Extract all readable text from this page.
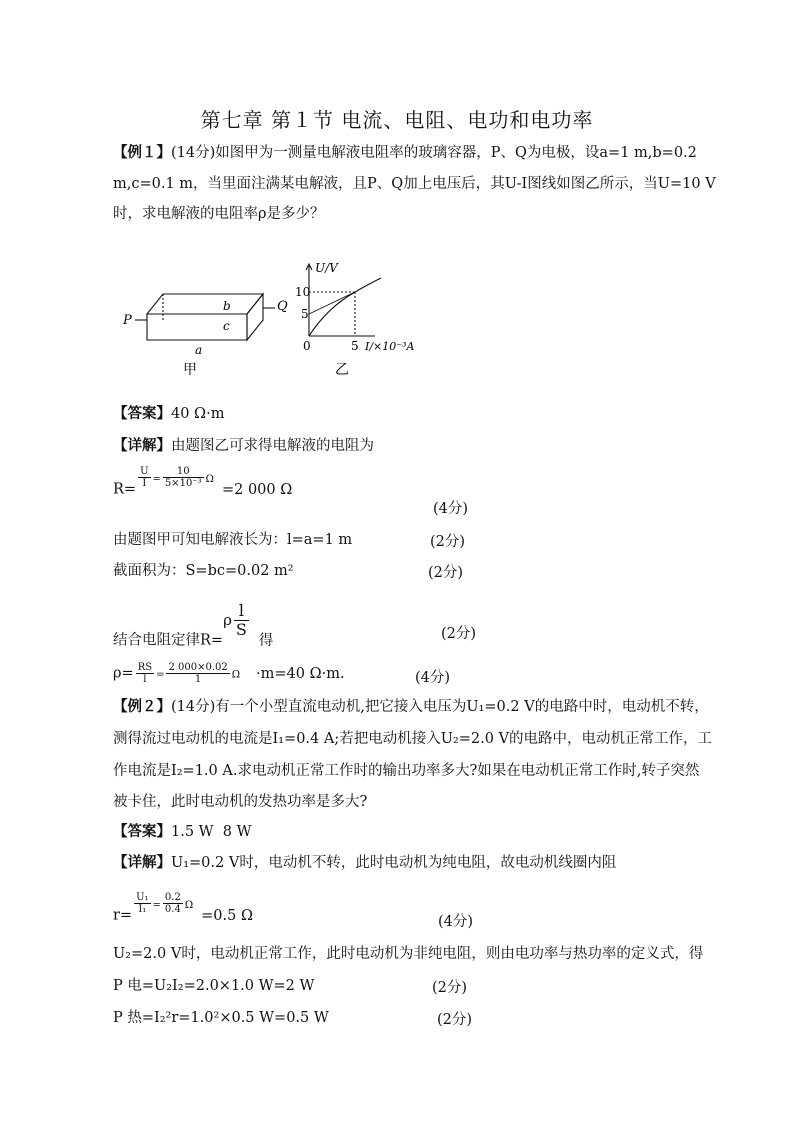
第七章 第１节 电流、电阻、电功和电功率
【例１】(14分)如图甲为一测量电解液电阻率的玻璃容器，P、Q为电极，设a=1 m,b=0.2
m,c=0.1 m，当里面注满某电解液，且P、Q加上电压后，其U-I图线如图乙所示，当U=10 V
时，求电解液的电阻率ρ是多少？
P
Q
b
c
a
甲
U/V
10
5
0	5 I/×10⁻³A
乙
【答案】40 Ω·m
【详解】由题图乙可求得电解液的电阻为
R=
$\frac{U}{I} ^= \frac{10}{\text{5×10⁻³}} ^\Omega=2$ 000 Ω
(4分)
由题图甲可知电解液长为：l=a=1 m	(2分)
截面积为：S=bc=0.02 m²	(2分)
结合电阻定律$R=\rho \frac{l}{S}$
得	(2分)
$\rho= \frac{RS}{l} = \frac{2 000\times 0.02}{1}$ Ω ·m=40 Ω·m.	(4分)
【例２】(14分)有一个小型直流电动机,把它接入电压为U₁=0.2 V的电路中时，电动机不转，
测得流过电动机的电流是I₁=0.4 A;若把电动机接入U₂=2.0 V的电路中，电动机正常工作，工
作电流是I₂=1.0 A.求电动机正常工作时的输出功率多大?如果在电动机正常工作时,转子突然
被卡住，此时电动机的发热功率是多大?
【答案】1.5 W  8 W
【详解】U₁=0.2 V时，电动机不转，此时电动机为纯电阻，故电动机线圈内阻
r=
$\frac{\text{U₁}}{\text{I₁}} ^= \frac{0.2}{0.4} ^\Omega=0.5$ Ω	(4分)
U₂=2.0 V时，电动机正常工作，此时电动机为非纯电阻，则由电功率与热功率的定义式，得
P 电=U₂I₂=2.0×1.0 W=2 W	(2分)
P 热=I₂²r=1.0²×0.5 W=0.5 W	(2分)
